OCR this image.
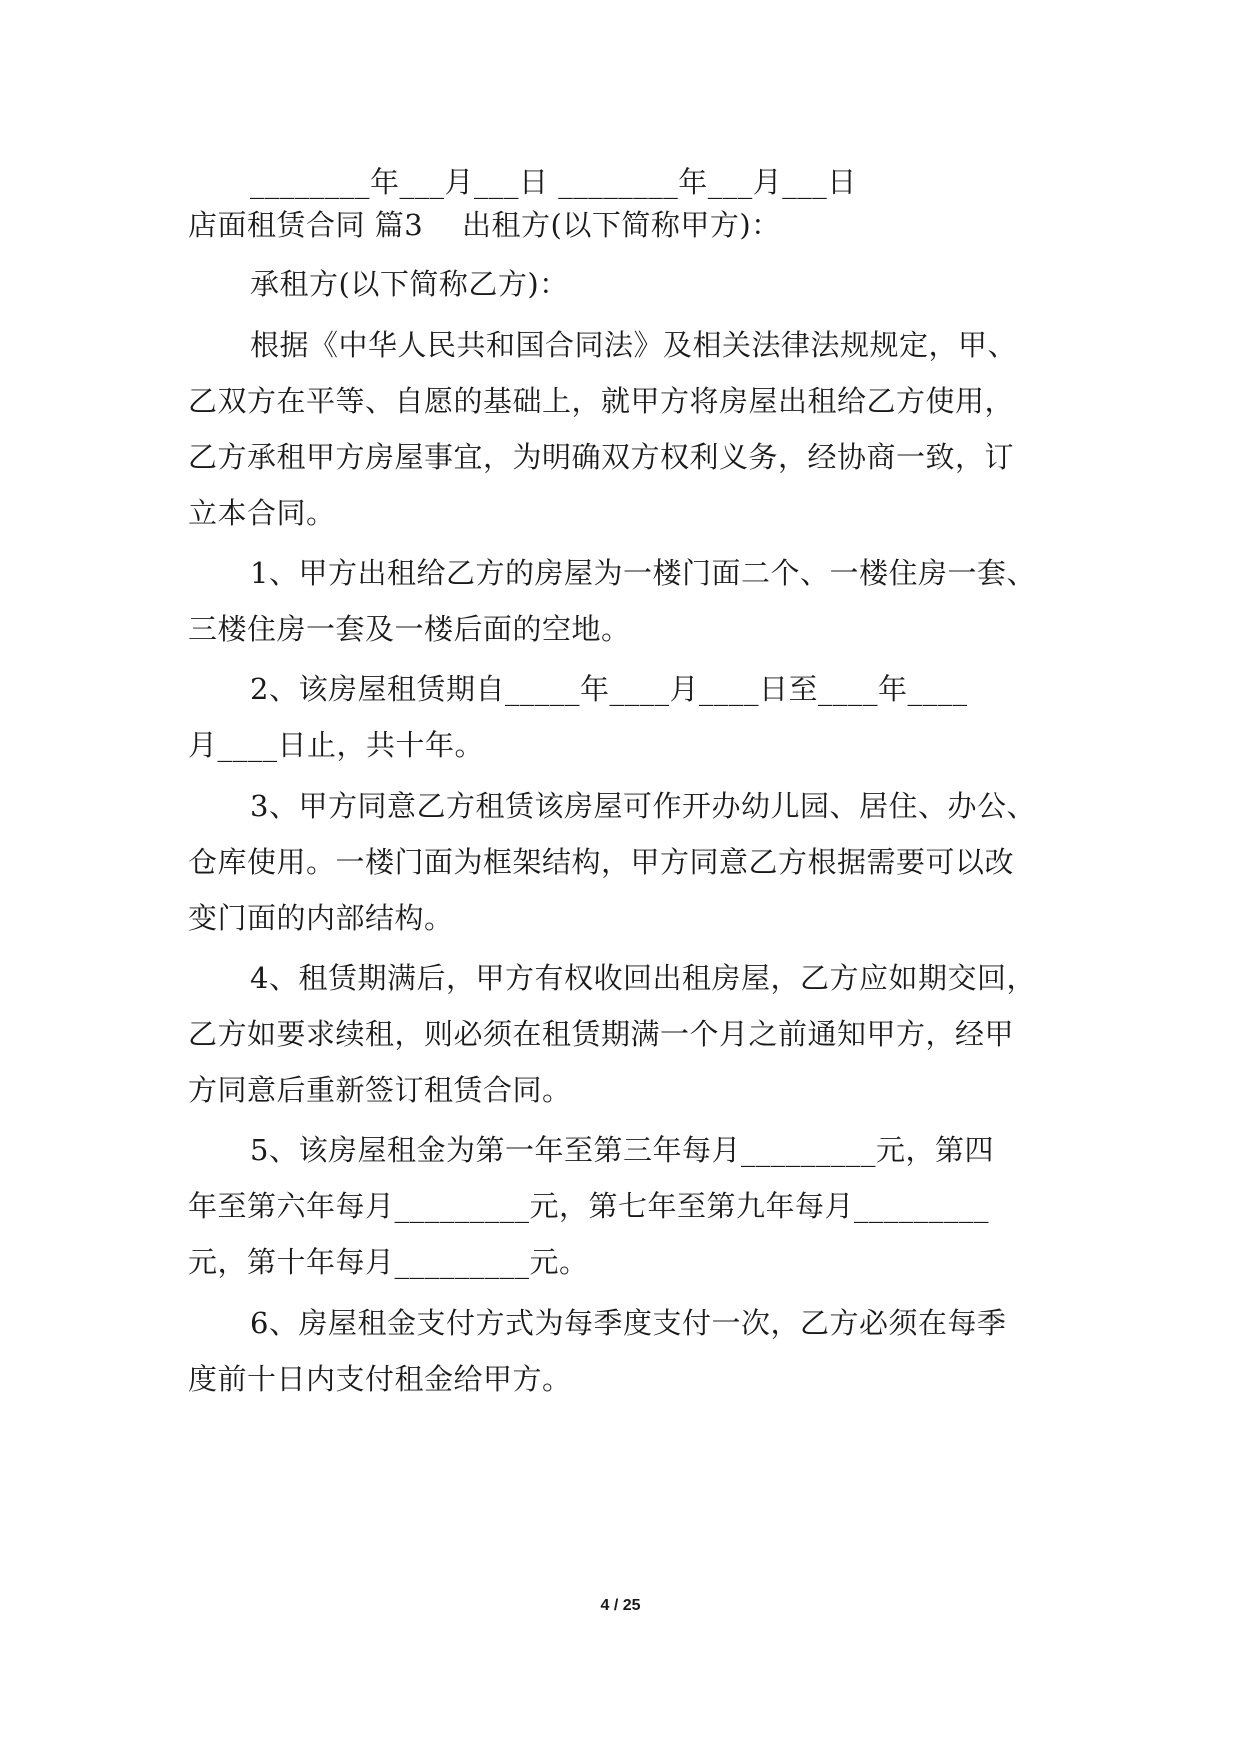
________年___月___日 ________年___月___日
店面租赁合同 篇3    出租方(以下简称甲方)：
承租方(以下简称乙方)：
根据《中华人民共和国合同法》及相关法律法规规定，甲、
乙双方在平等、自愿的基础上，就甲方将房屋出租给乙方使用，
乙方承租甲方房屋事宜，为明确双方权利义务，经协商一致，订
立本合同。
1、甲方出租给乙方的房屋为一楼门面二个、一楼住房一套、
三楼住房一套及一楼后面的空地。
2、该房屋租赁期自_____年____月____日至____年____
月____日止，共十年。
3、甲方同意乙方租赁该房屋可作开办幼儿园、居住、办公、
仓库使用。一楼门面为框架结构，甲方同意乙方根据需要可以改
变门面的内部结构。
4、租赁期满后，甲方有权收回出租房屋，乙方应如期交回，
乙方如要求续租，则必须在租赁期满一个月之前通知甲方，经甲
方同意后重新签订租赁合同。
5、该房屋租金为第一年至第三年每月_________元，第四
年至第六年每月_________元，第七年至第九年每月_________
元，第十年每月_________元。
6、房屋租金支付方式为每季度支付一次，乙方必须在每季
度前十日内支付租金给甲方。
4 / 25
